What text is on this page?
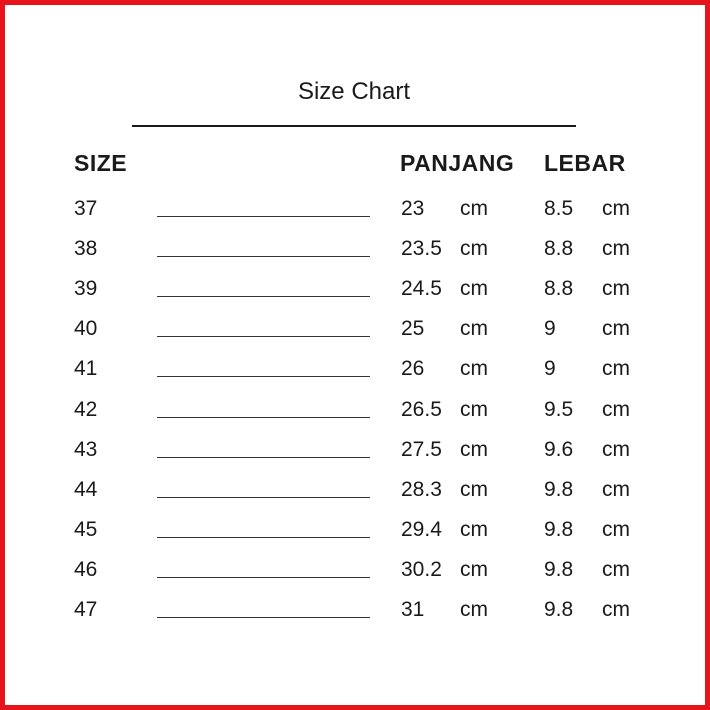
Size Chart
SIZE	PANJANG LEBAR
37	23 cm	8.5 cm
38	23.5 cm	8.8 cm
39	24.5 cm	8.8 cm
40	25 cm	9 cm
41	26 cm	9 cm
42	26.5 cm	9.5 cm
43	27.5 cm	9.6 cm
44	28.3 cm	9.8 cm
45	29.4 cm	9.8 cm
46	30.2 cm	9.8 cm
47	31 cm	9.8 cm
